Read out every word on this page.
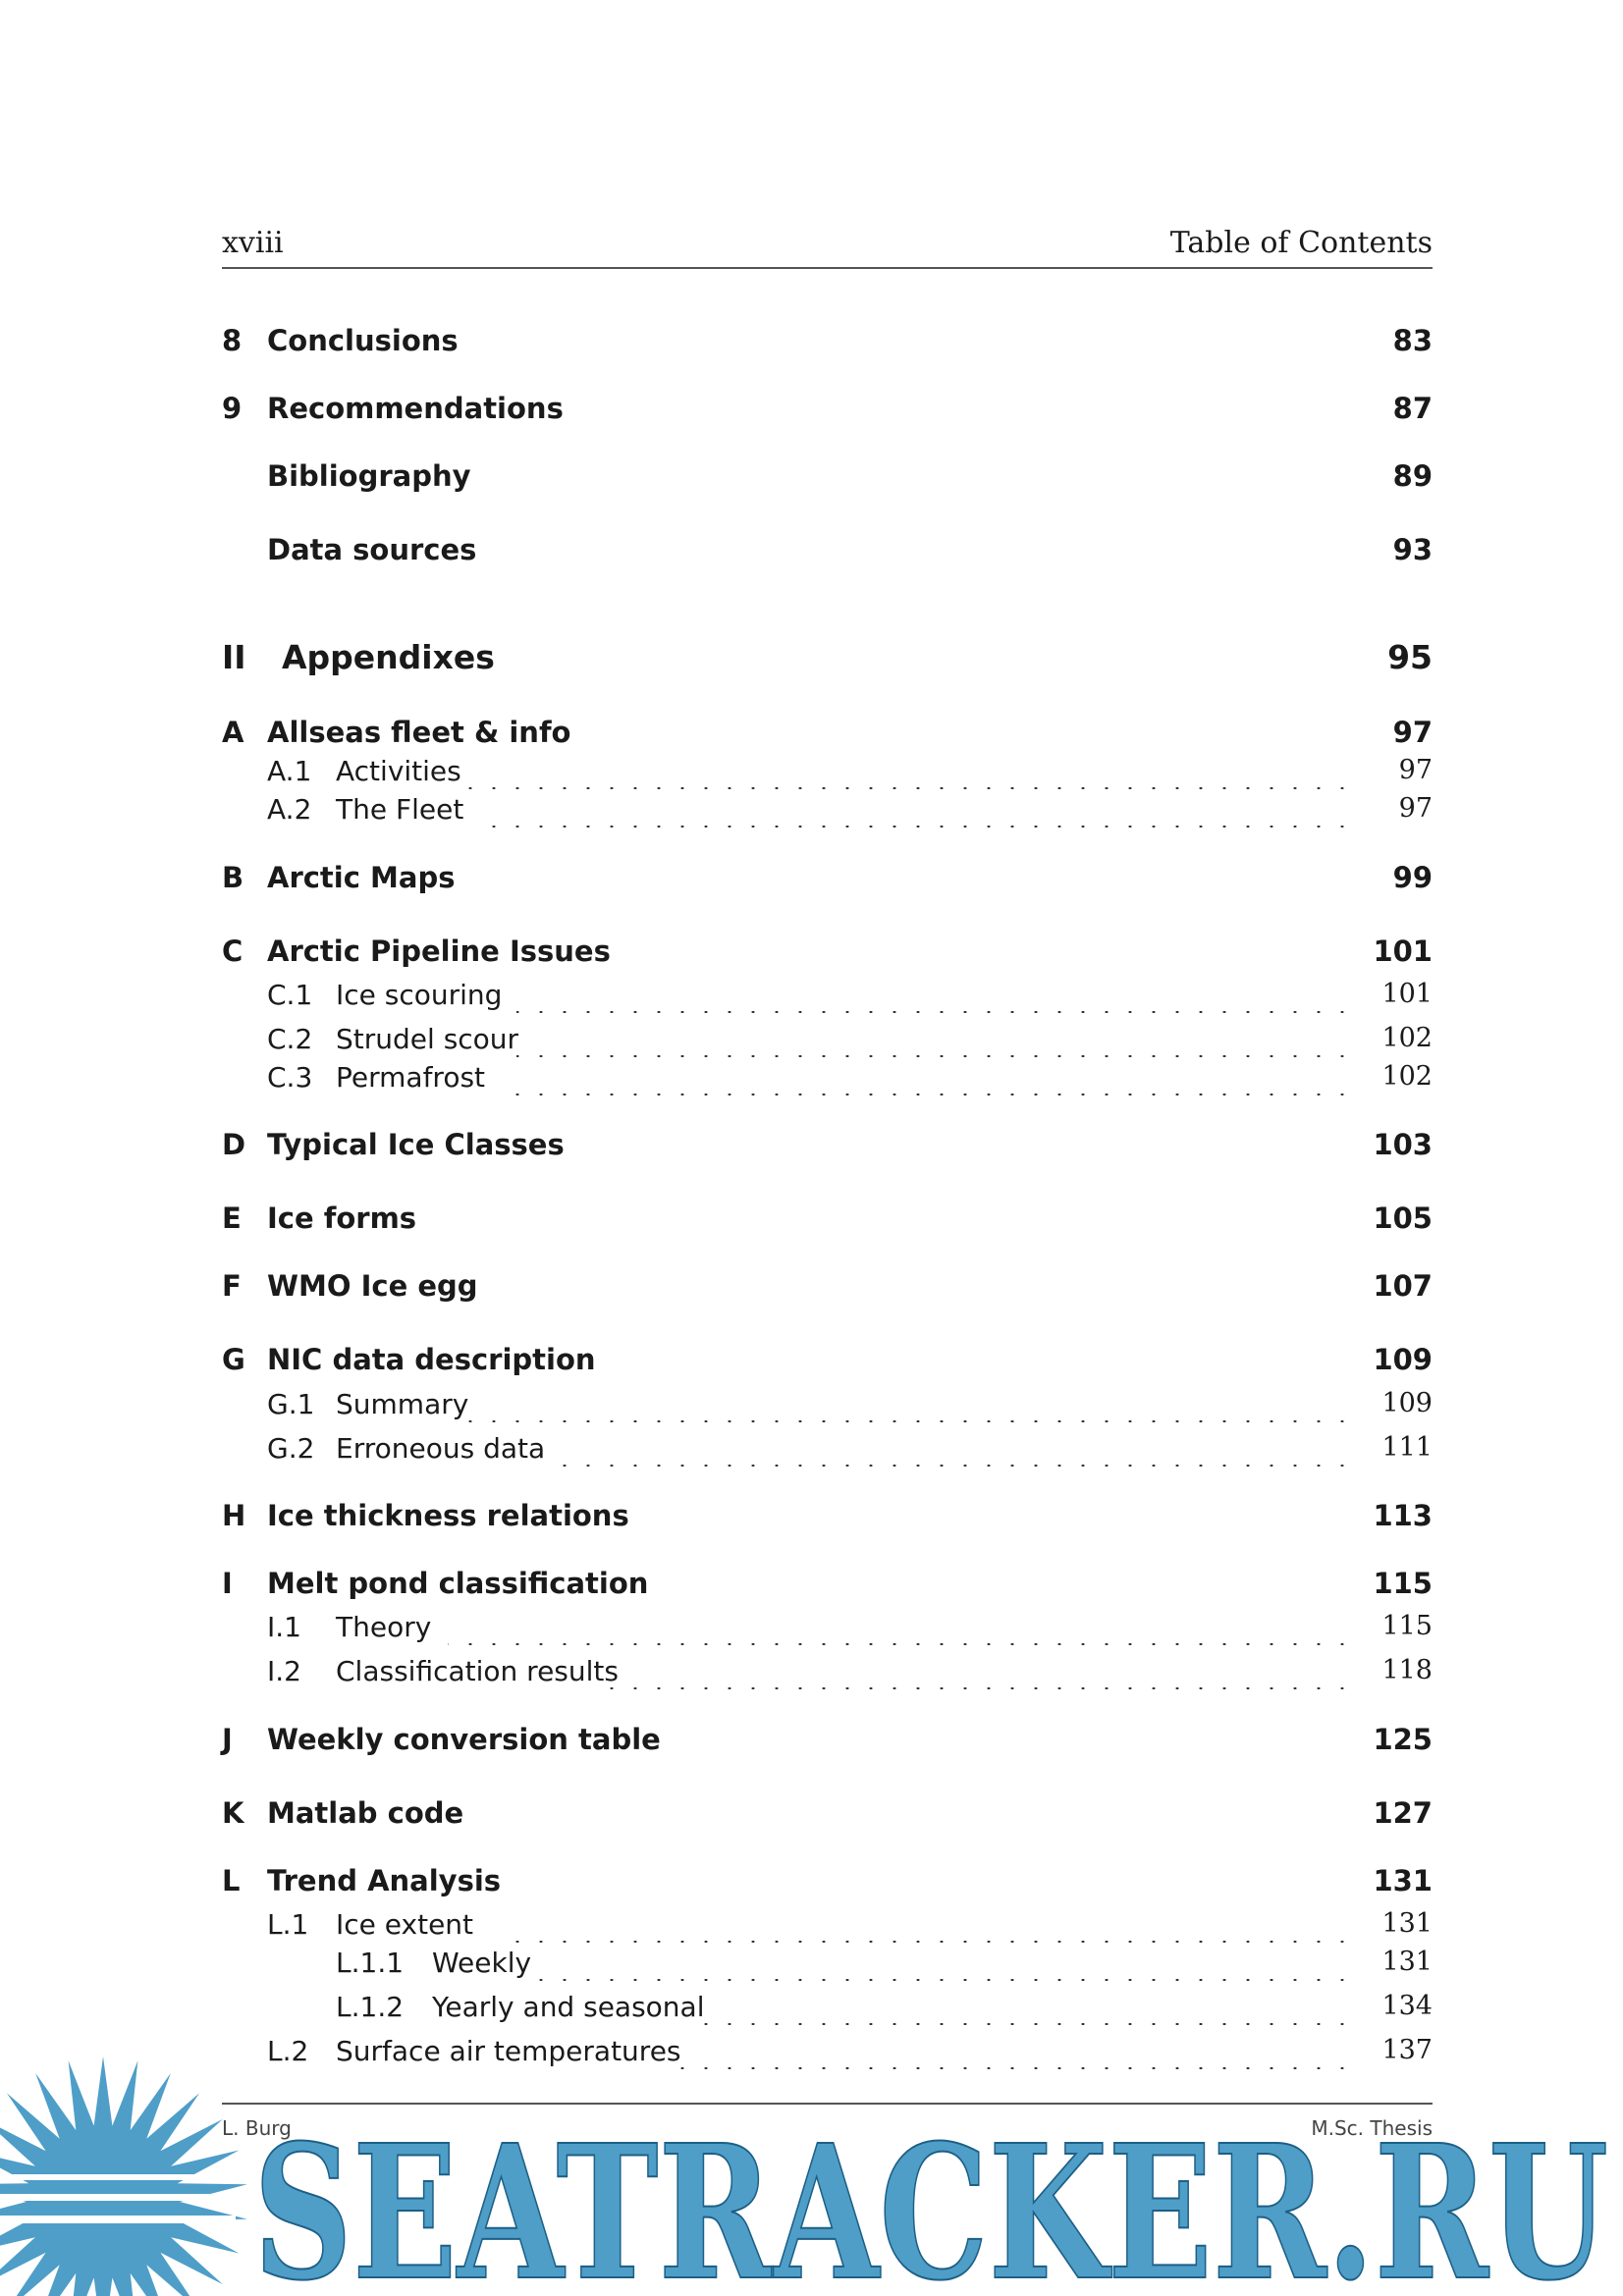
xviii	Table of Contents
8 Conclusions	83
9 Recommendations	87
Bibliography	89
Data sources	93
II Appendixes	95
A Allseas fleet & info	97
A.1 Activities	97
A.2 The Fleet	97
B Arctic Maps	99
C Arctic Pipeline Issues	101
C.1 Ice scouring	101
C.2 Strudel scour	102
C.3 Permafrost	102
D Typical Ice Classes	103
E Ice forms	105
F WMO Ice egg	107
G NIC data description	109
G.1 Summary	109
G.2 Erroneous data	111
H Ice thickness relations	113
I Melt pond classification	115
I.1 Theory	115
I.2 Classification results	118
J Weekly conversion table	125
K Matlab code	127
L Trend Analysis	131
L.1 Ice extent	131
L.1.1 Weekly	131
L.1.2 Yearly and seasonal	134
L.2 Surface air temperatures	137
L. Burg	M.Sc. Thesis
SEATRACKER.RU
